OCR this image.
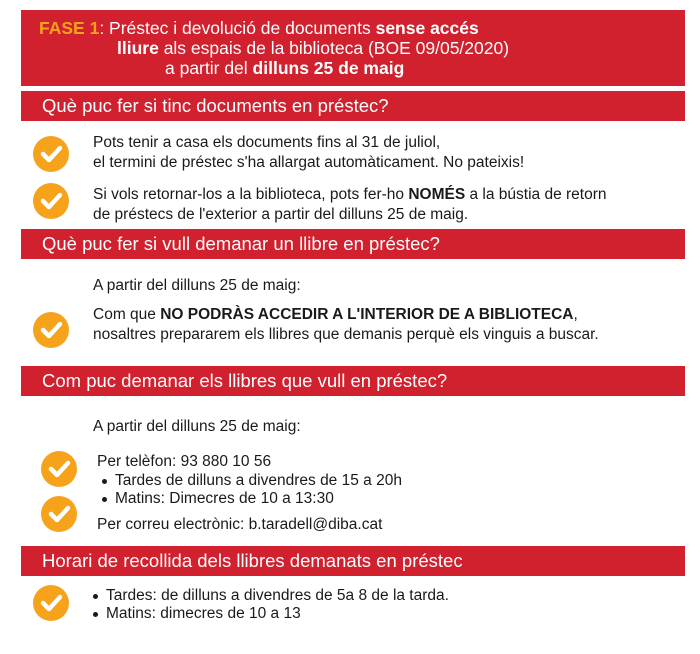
FASE 1: Préstec i devolució de documents sense accés
lliure als espais de la biblioteca (BOE 09/05/2020)
a partir del dilluns 25 de maig
Què puc fer si tinc documents en préstec?
Pots tenir a casa els documents fins al 31 de juliol,
el termini de préstec s'ha allargat automàticament. No pateixis!
Si vols retornar-los a la biblioteca, pots fer-ho NOMÉS a la bústia de retorn
de préstecs de l'exterior a partir del dilluns 25 de maig.
Què puc fer si vull demanar un llibre en préstec?
A partir del dilluns 25 de maig:
Com que NO PODRÀS ACCEDIR A L'INTERIOR DE A BIBLIOTECA,
nosaltres prepararem els llibres que demanis perquè els vinguis a buscar.
Com puc demanar els llibres que vull en préstec?
A partir del dilluns 25 de maig:
Per telèfon: 93 880 10 56
Tardes de dilluns a divendres de 15 a 20h
Matins: Dimecres de 10 a 13:30
Per correu electrònic: b.taradell@diba.cat
Horari de recollida dels llibres demanats en préstec
Tardes: de dilluns a divendres de 5a 8 de la tarda.
Matins: dimecres de 10 a 13
